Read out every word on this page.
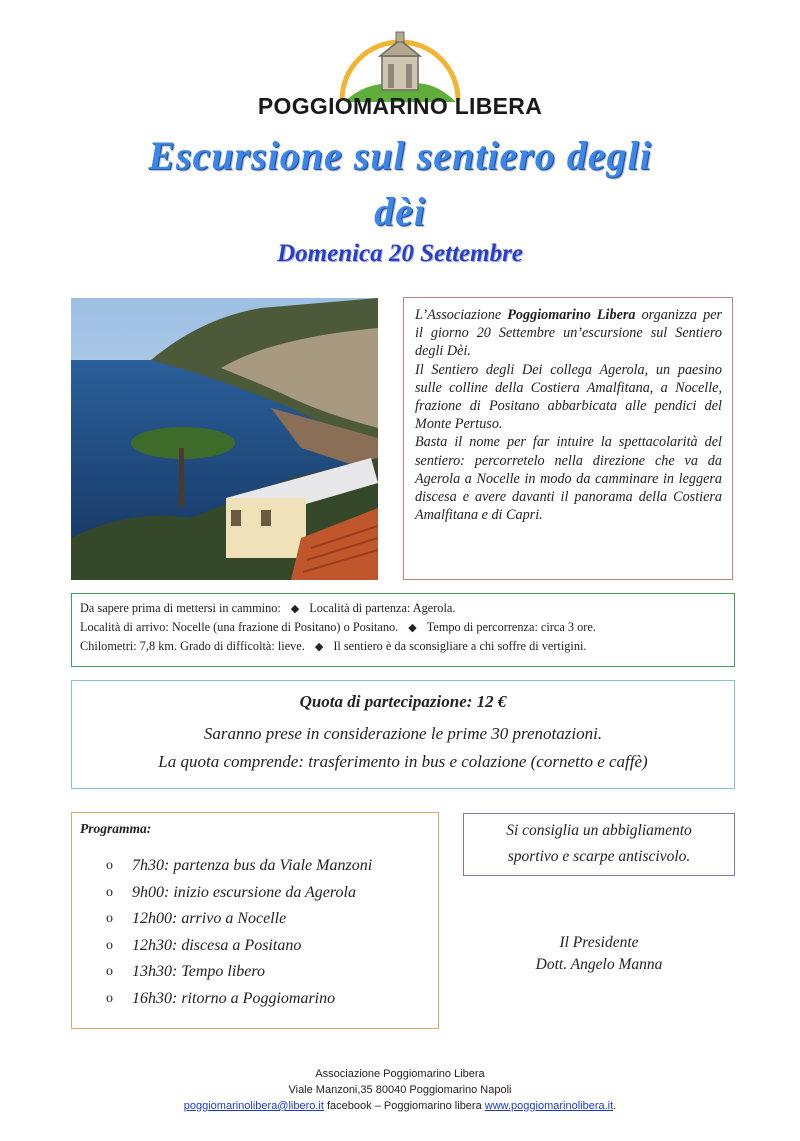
POGGIOMARINO LIBERA
Escursione sul sentiero degli
dèi
Domenica 20 Settembre

L’Associazione Poggiomarino Libera organizza per il giorno 20 Settembre un’escursione sul Sentiero degli Dèi.

Il Sentiero degli Dei collega Agerola, un paesino sulle colline della Costiera Amalfitana, a Nocelle, frazione di Positano abbarbicata alle pendici del Monte Pertuso.

Basta il nome per far intuire la spettacolarità del sentiero: percorretelo nella direzione che va da Agerola a Nocelle in modo da camminare in leggera discesa e avere davanti il panorama della Costiera Amalfitana e di Capri.

Da sapere prima di mettersi in cammino: ◆ Località di partenza: Agerola.
Località di arrivo: Nocelle (una frazione di Positano) o Positano. ◆ Tempo di percorrenza: circa 3 ore.
Chilometri: 7,8 km. Grado di difficoltà: lieve. ◆ Il sentiero è da sconsigliare a chi soffre di vertigini.
Quota di partecipazione: 12 €
Saranno prese in considerazione le prime 30 prenotazioni.
La quota comprende: trasferimento in bus e colazione (cornetto e caffè)
Programma:
o	7h30: partenza bus da Viale Manzoni
o	9h00: inizio escursione da Agerola
o	12h00: arrivo a Nocelle
o	12h30: discesa a Positano
o	13h30: Tempo libero
o	16h30: ritorno a Poggiomarino
Si consiglia un abbigliamento
sportivo e scarpe antiscivolo.
Il Presidente
Dott. Angelo Manna
Associazione Poggiomarino Libera
Viale Manzoni,35 80040 Poggiomarino Napoli
poggiomarinolibera@libero.it facebook – Poggiomarino libera www.poggiomarinolibera.it.
